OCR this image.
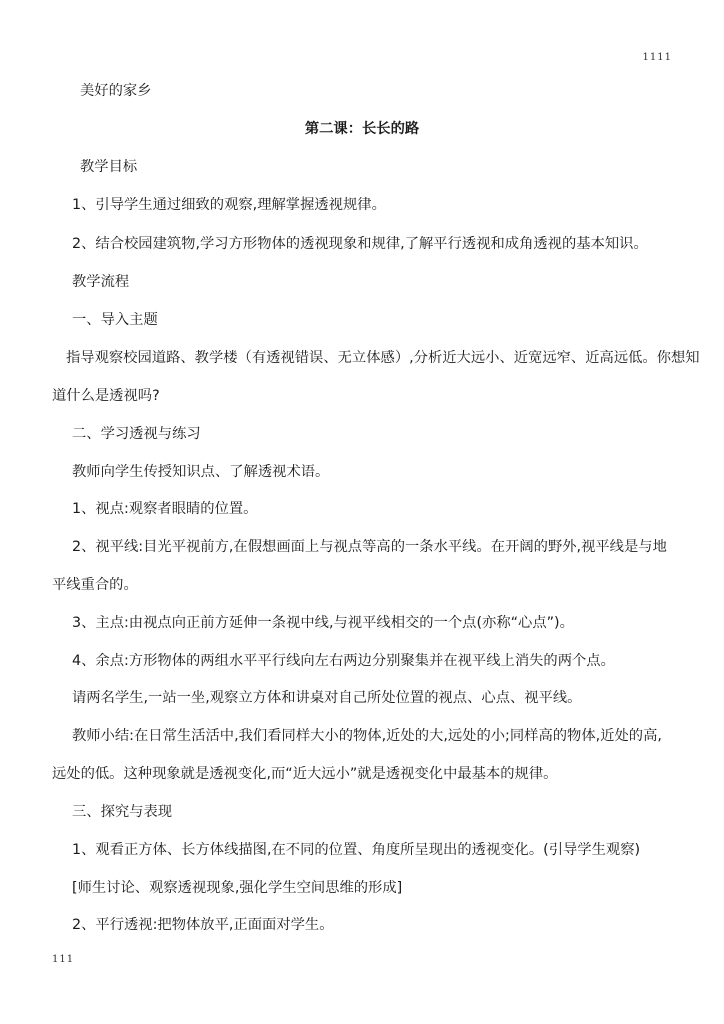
1111
美好的家乡
第二课：长长的路
教学目标
1、引导学生通过细致的观察,理解掌握透视规律。
2、结合校园建筑物,学习方形物体的透视现象和规律,了解平行透视和成角透视的基本知识。
教学流程
一、导入主题
指导观察校园道路、教学楼（有透视错误、无立体感）,分析近大远小、近宽远窄、近高远低。你想知
道什么是透视吗?
二、学习透视与练习
教师向学生传授知识点、了解透视术语。
1、视点:观察者眼睛的位置。
2、视平线:目光平视前方,在假想画面上与视点等高的一条水平线。在开阔的野外,视平线是与地
平线重合的。
3、主点:由视点向正前方延伸一条视中线,与视平线相交的一个点(亦称“心点”)。
4、余点:方形物体的两组水平平行线向左右两边分别聚集并在视平线上消失的两个点。
请两名学生,一站一坐,观察立方体和讲桌对自己所处位置的视点、心点、视平线。
教师小结:在日常生活活中,我们看同样大小的物体,近处的大,远处的小;同样高的物体,近处的高,
远处的低。这种现象就是透视变化,而“近大远小”就是透视变化中最基本的规律。
三、探究与表现
1、观看正方体、长方体线描图,在不同的位置、角度所呈现出的透视变化。(引导学生观察)
[师生讨论、观察透视现象,强化学生空间思维的形成]
2、平行透视:把物体放平,正面面对学生。
111
